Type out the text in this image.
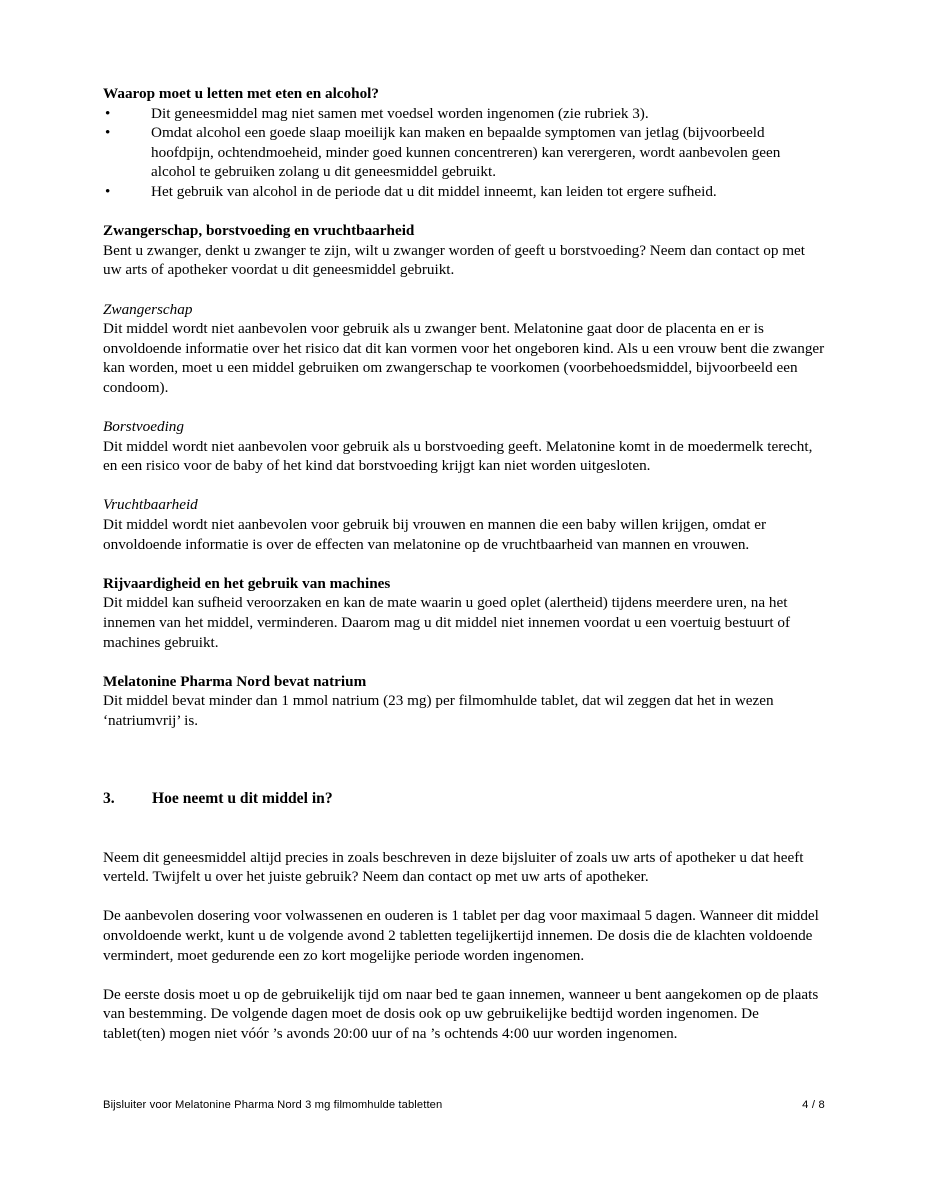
Waarop moet u letten met eten en alcohol?
•	Dit geneesmiddel mag niet samen met voedsel worden ingenomen (zie rubriek 3).
•	Omdat alcohol een goede slaap moeilijk kan maken en bepaalde symptomen van jetlag (bijvoorbeeld hoofdpijn, ochtendmoeheid, minder goed kunnen concentreren) kan verergeren, wordt aanbevolen geen alcohol te gebruiken zolang u dit geneesmiddel gebruikt.
•	Het gebruik van alcohol in de periode dat u dit middel inneemt, kan leiden tot ergere sufheid.
Zwangerschap, borstvoeding en vruchtbaarheid

Bent u zwanger, denkt u zwanger te zijn, wilt u zwanger worden of geeft u borstvoeding? Neem dan contact op met uw arts of apotheker voordat u dit geneesmiddel gebruikt.

Zwangerschap

Dit middel wordt niet aanbevolen voor gebruik als u zwanger bent. Melatonine gaat door de placenta en er is onvoldoende informatie over het risico dat dit kan vormen voor het ongeboren kind. Als u een vrouw bent die zwanger kan worden, moet u een middel gebruiken om zwangerschap te voorkomen (voorbehoedsmiddel, bijvoorbeeld een condoom).

Borstvoeding

Dit middel wordt niet aanbevolen voor gebruik als u borstvoeding geeft. Melatonine komt in de moedermelk terecht, en een risico voor de baby of het kind dat borstvoeding krijgt kan niet worden uitgesloten.

Vruchtbaarheid

Dit middel wordt niet aanbevolen voor gebruik bij vrouwen en mannen die een baby willen krijgen, omdat er onvoldoende informatie is over de effecten van melatonine op de vruchtbaarheid van mannen en vrouwen.

Rijvaardigheid en het gebruik van machines

Dit middel kan sufheid veroorzaken en kan de mate waarin u goed oplet (alertheid) tijdens meerdere uren, na het innemen van het middel, verminderen. Daarom mag u dit middel niet innemen voordat u een voertuig bestuurt of machines gebruikt.

Melatonine Pharma Nord bevat natrium

Dit middel bevat minder dan 1 mmol natrium (23 mg) per filmomhulde tablet, dat wil zeggen dat het in wezen ‘natriumvrij’ is.

3.	Hoe neemt u dit middel in?

Neem dit geneesmiddel altijd precies in zoals beschreven in deze bijsluiter of zoals uw arts of apotheker u dat heeft verteld. Twijfelt u over het juiste gebruik? Neem dan contact op met uw arts of apotheker.

De aanbevolen dosering voor volwassenen en ouderen is 1 tablet per dag voor maximaal 5 dagen. Wanneer dit middel onvoldoende werkt, kunt u de volgende avond 2 tabletten tegelijkertijd innemen. De dosis die de klachten voldoende vermindert, moet gedurende een zo kort mogelijke periode worden ingenomen.

De eerste dosis moet u op de gebruikelijk tijd om naar bed te gaan innemen, wanneer u bent aangekomen op de plaats van bestemming. De volgende dagen moet de dosis ook op uw gebruikelijke bedtijd worden ingenomen. De tablet(ten) mogen niet vóór ’s avonds 20:00 uur of na ’s ochtends 4:00 uur worden ingenomen.

Bijsluiter voor Melatonine Pharma Nord 3 mg filmomhulde tabletten	4 / 8
